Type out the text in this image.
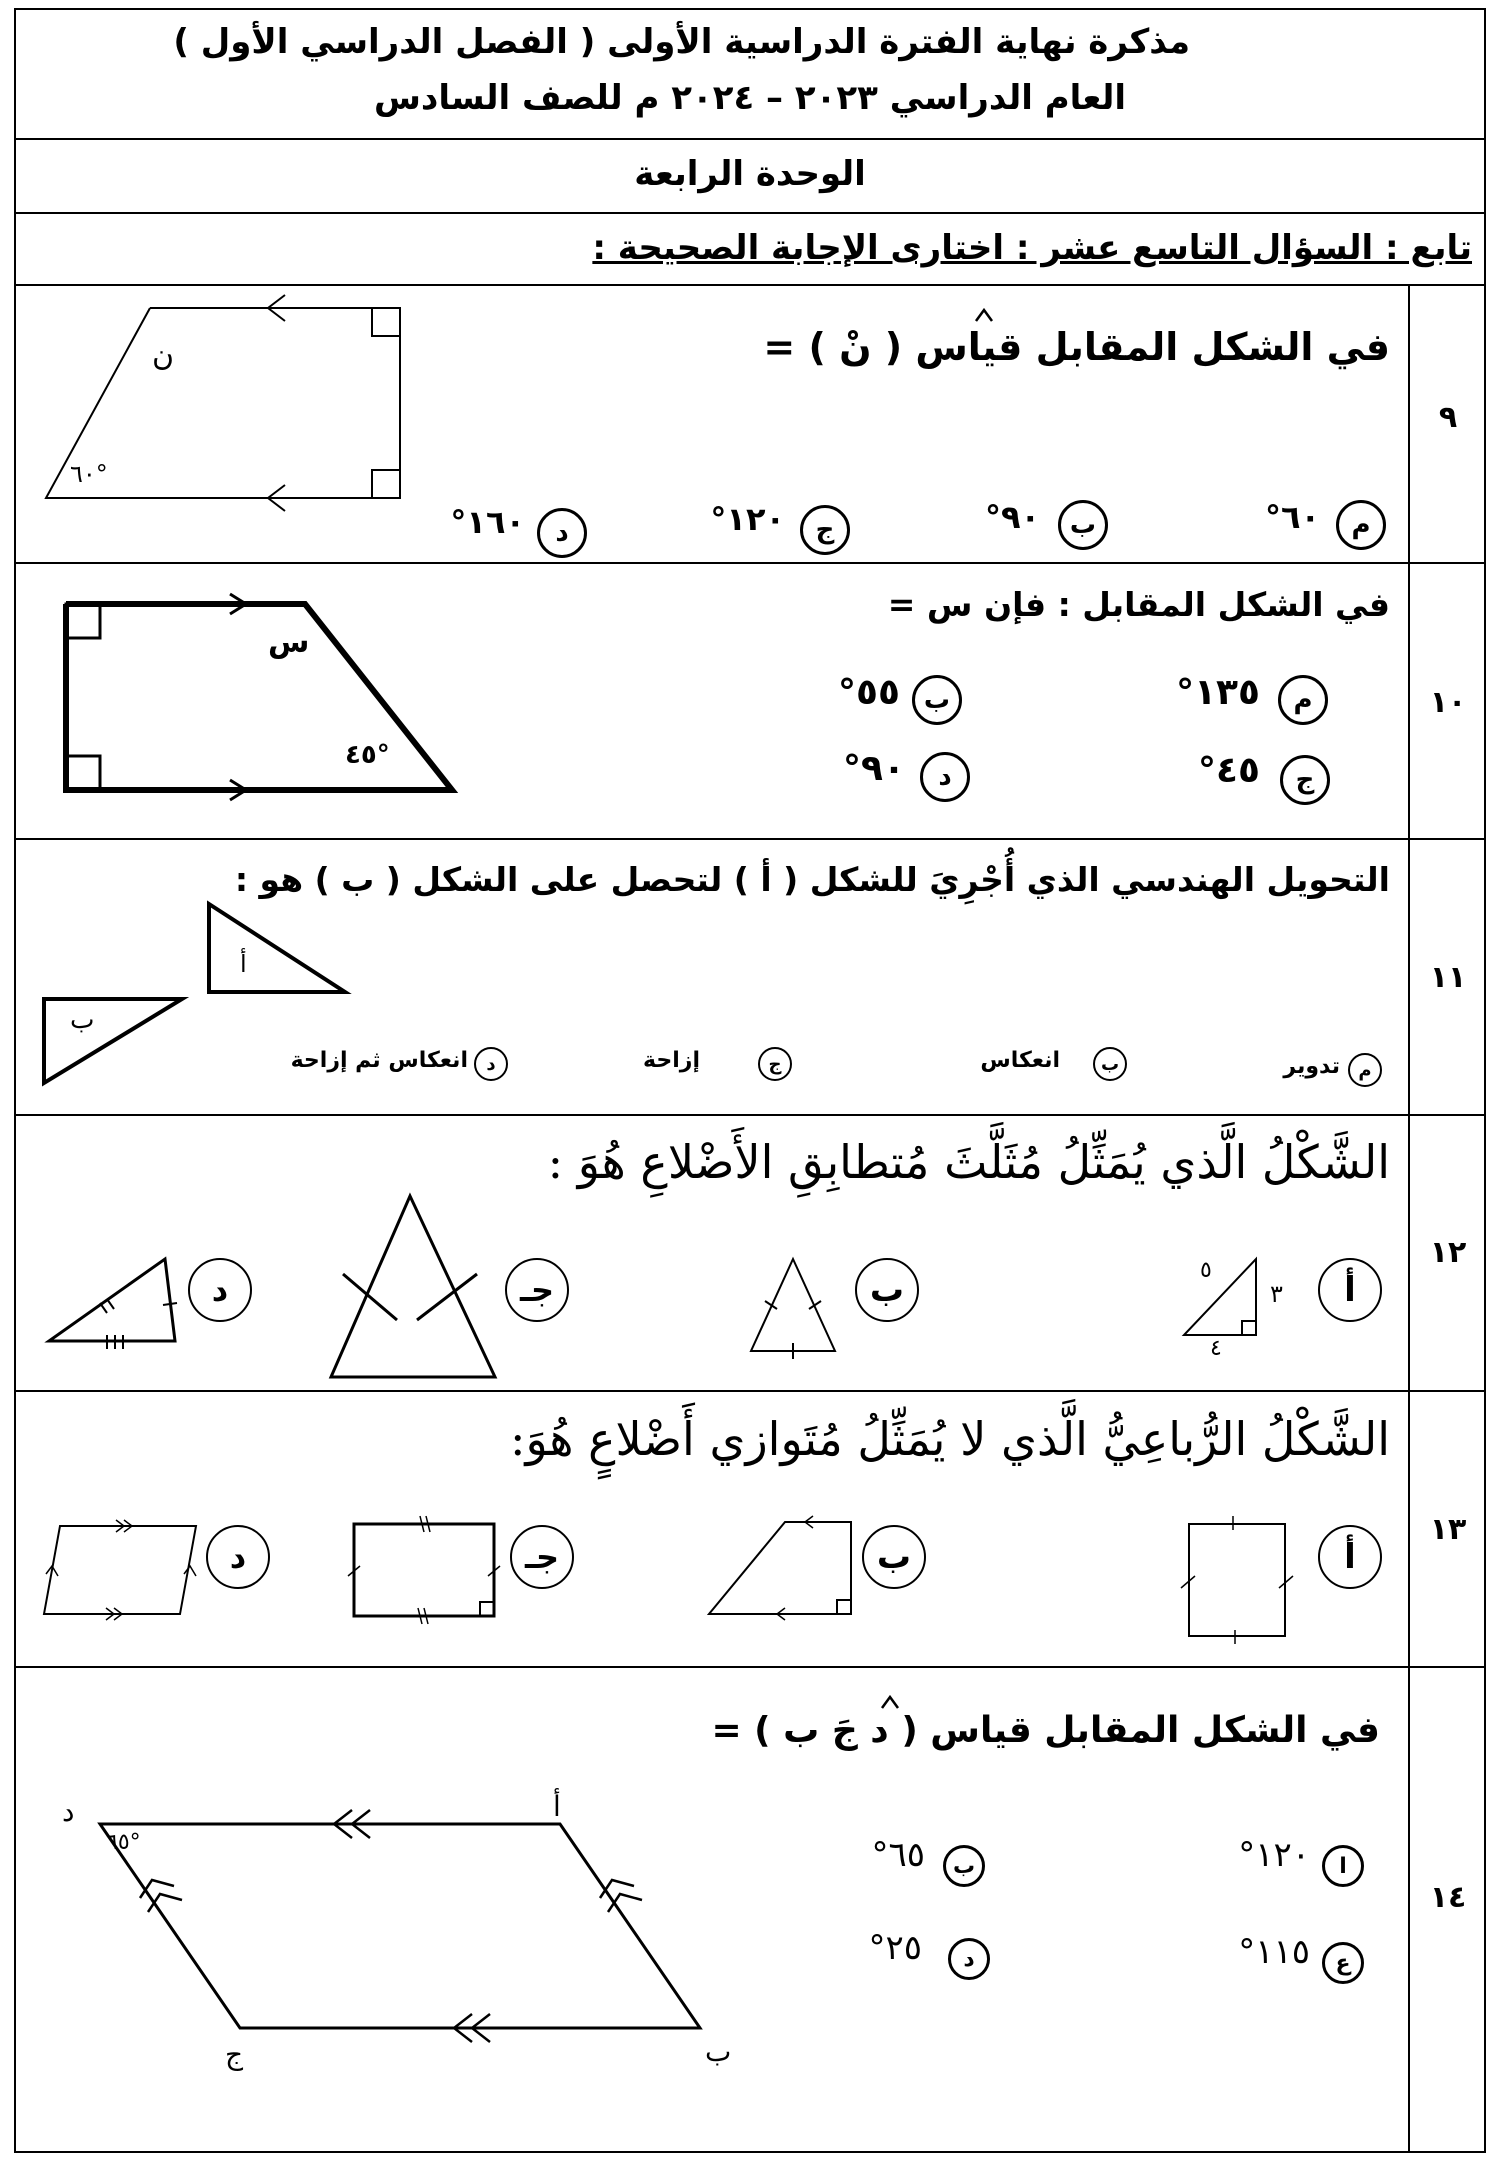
مذكرة نهاية الفترة الدراسية الأولى ( الفصل الدراسي الأول )
العام الدراسي ٢٠٢٣ – ٢٠٢٤ م للصف السادس
الوحدة الرابعة
تابع : السؤال التاسع عشر : اختارى الإجابة الصحيحة :
٩
في الشكل المقابل قياس ( نْ ) =
ن
٦٠°
م
٦٠°
ب
٩٠°
ج
١٢٠°
د
١٦٠°
١٠
في الشكل المقابل : فإن س =
س
٤٥°
م
١٣٥°
ب
٥٥°
ج
٤٥°
د
٩٠°
١١
التحويل الهندسي الذي أُجْرِيَ للشكل ( أ ) لتحصل على الشكل ( ب ) هو :
أ
ب
م
تدوير
ب
انعكاس
ج
إزاحة
د
انعكاس ثم إزاحة
١٢
الشَّكْلُ الَّذي يُمَثِّلُ مُثَلَّثَ مُتطابِقِ الأَضْلاعِ هُوَ :
أ
٥
٣
٤
ب
جـ
د
١٣
الشَّكْلُ الرُّباعِيُّ الَّذي لا يُمَثِّلُ مُتَوازي أَضْلاعٍ هُوَ:
أ
ب
جـ
د
١٤
في الشكل المقابل قياس ( د جَ ب ) =
أ
د
ج	ب
٦٥°
ا
١٢٠°
ب
٦٥°
ع
١١٥°
د
٢٥°
